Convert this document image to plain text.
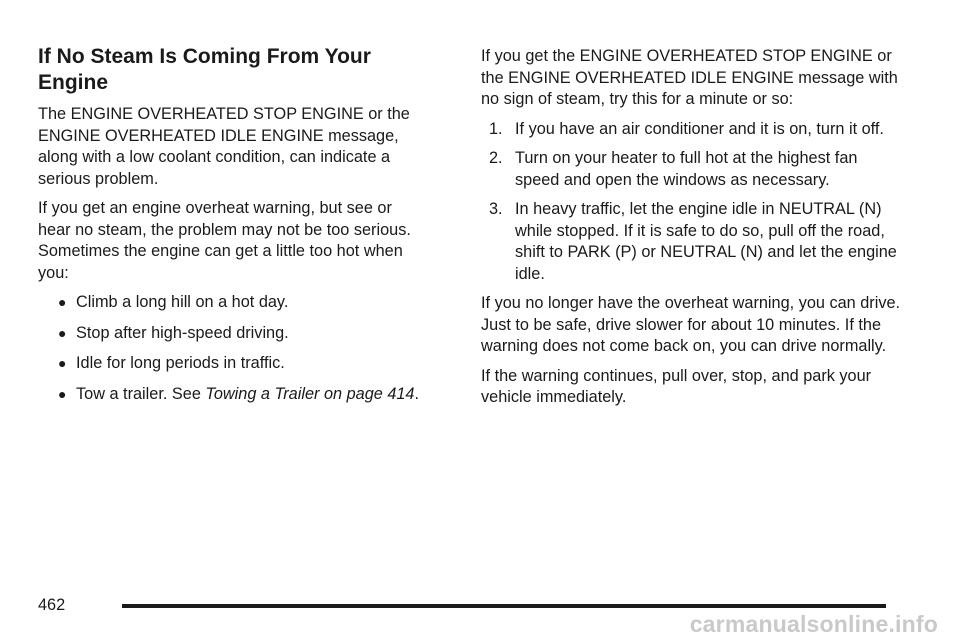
If No Steam Is Coming From Your Engine

The ENGINE OVERHEATED STOP ENGINE or the ENGINE OVERHEATED IDLE ENGINE message, along with a low coolant condition, can indicate a serious problem.

If you get an engine overheat warning, but see or hear no steam, the problem may not be too serious. Sometimes the engine can get a little too hot when you:

● Climb a long hill on a hot day.
● Stop after high-speed driving.
● Idle for long periods in traffic.
● Tow a trailer. See Towing a Trailer on page 414.

If you get the ENGINE OVERHEATED STOP ENGINE or the ENGINE OVERHEATED IDLE ENGINE message with no sign of steam, try this for a minute or so:

1. If you have an air conditioner and it is on, turn it off.
2. Turn on your heater to full hot at the highest fan speed and open the windows as necessary.
3. In heavy traffic, let the engine idle in NEUTRAL (N) while stopped. If it is safe to do so, pull off the road, shift to PARK (P) or NEUTRAL (N) and let the engine idle.

If you no longer have the overheat warning, you can drive. Just to be safe, drive slower for about 10 minutes. If the warning does not come back on, you can drive normally.

If the warning continues, pull over, stop, and park your vehicle immediately.

462
carmanualsonline.info
